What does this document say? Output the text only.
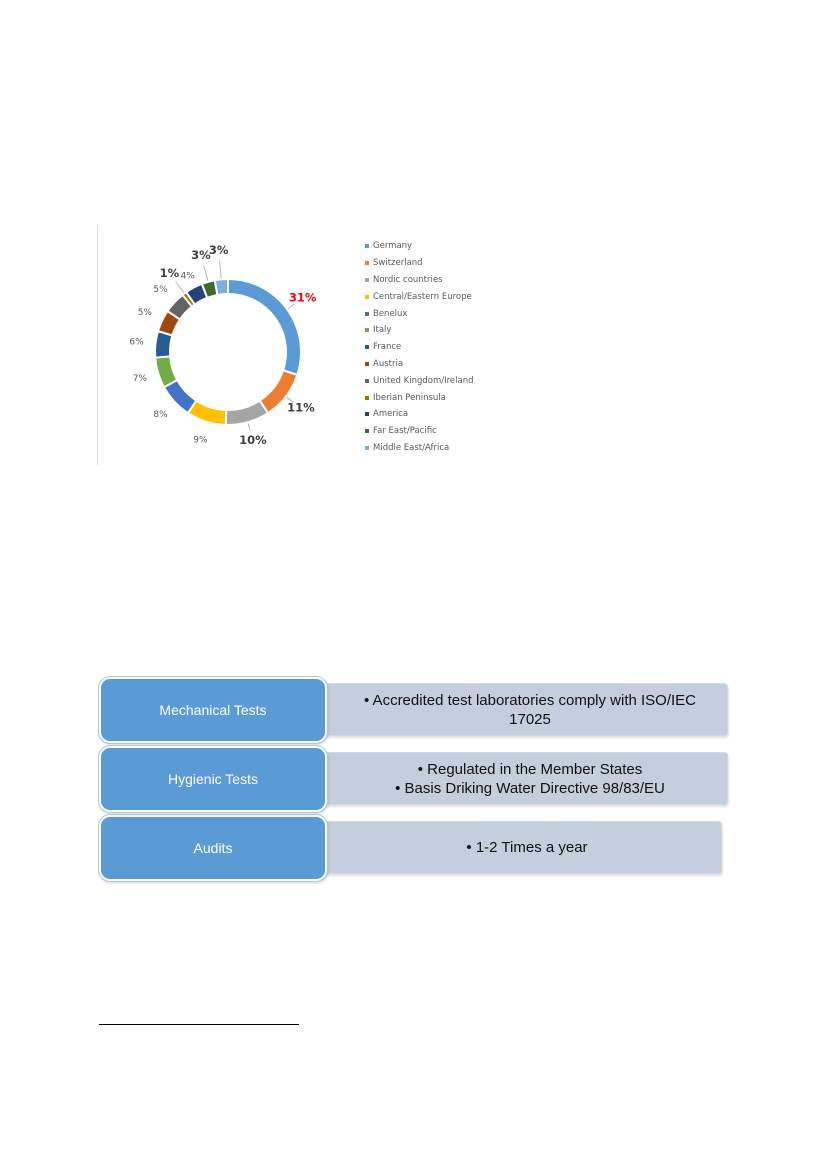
31%
11%
10%
9%
8%
7%
6%
5%
5%
1% 4%
3%
3%	Germany
Switzerland
Nordic countries
Central/Eastern Europe
Benelux
Italy
France
Austria
United Kingdom/Ireland
Iberian Peninsula
America
Far East/Pacific
Middle East/Africa
• Accredited test laboratories comply with ISO/IEC
17025
Mechanical Tests
• Regulated in the Member States
• Basis Driking Water Directive 98/83/EU
Hygienic Tests
• 1-2 Times a year
Audits
